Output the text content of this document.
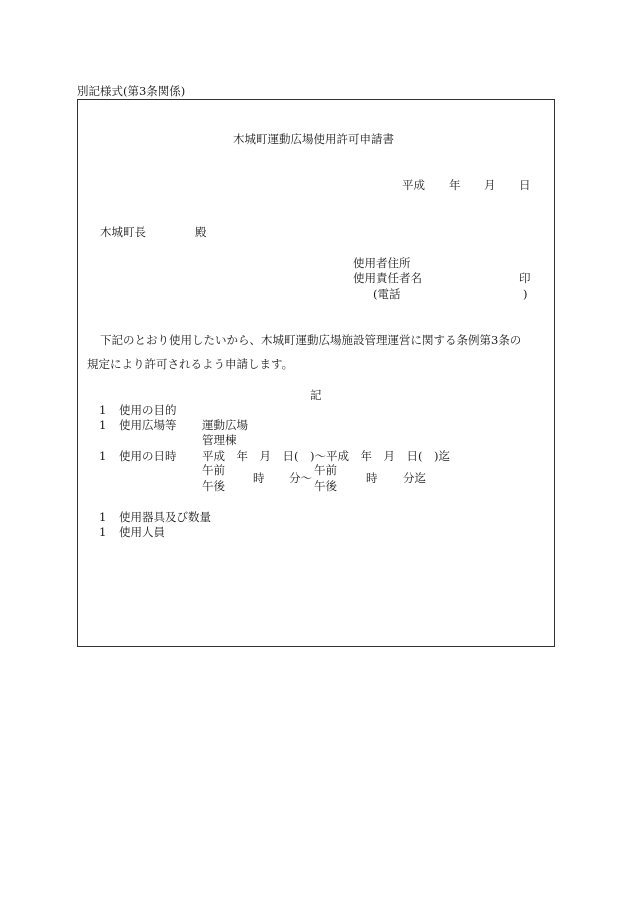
別記様式(第3条関係)
木城町運動広場使用許可申請書
平成 年 月 日
木城町長	殿
使用者住所
使用責任者名	印
(電話	)
下記のとおり使用したいから、木城町運動広場施設管理運営に関する条例第3条の
規定により許可されるよう申請します。
記
1 使用の目的
1 使用広場等 運動広場
管理棟
1 使用の日時 平成　年　月　日(　)～平成　年　月　日(　)迄
午前
午後
時 分～
午前
午後
時 分迄
1 使用器具及び数量
1 使用人員
